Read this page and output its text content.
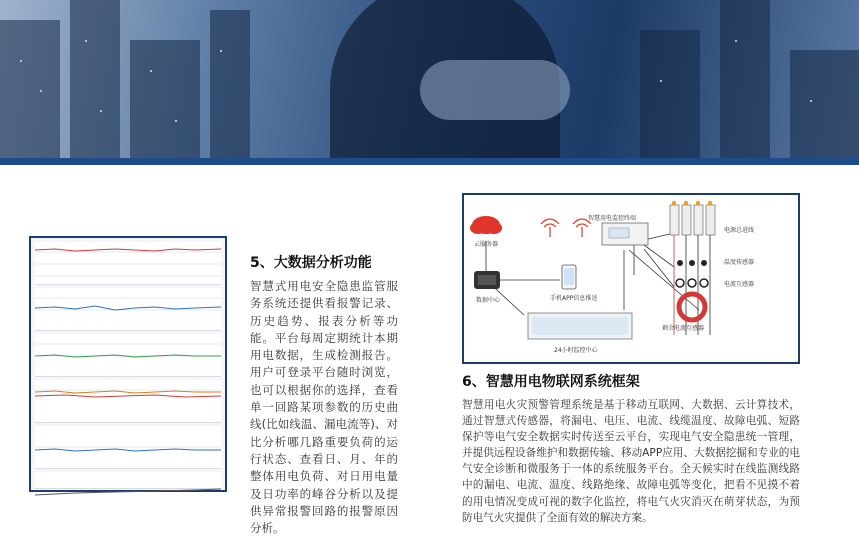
5、大数据分析功能

智慧式用电安全隐患监管服务系统还提供看报警记录、历史趋势、报表分析等功能。平台每周定期统计本期用电数据，生成检测报告。用户可登录平台随时浏览，也可以根据你的选择，查看单一回路某项参数的历史曲线(比如线温、漏电流等)、对比分析哪几路重要负荷的运行状态、查看日、月、年的整体用电负荷、对日用电量及日功率的峰谷分析以及提供异常报警回路的报警原因分析。

智慧用电监控终端
云服务器
电源总进线
温度传感器
电流互感器
手机APP信息推送
数据中心
剩余电流互感器
24小时监控中心
6、智慧用电物联网系统框架

智慧用电火灾预警管理系统是基于移动互联网、大数据、云计算技术，通过智慧式传感器，将漏电、电压、电流、线缆温度、故障电弧、短路保护等电气安全数据实时传送至云平台，实现电气安全隐患统一管理，并提供远程设备维护和数据传输、移动APP应用、大数据挖掘和专业的电气安全诊断和微服务于一体的系统服务平台。全天候实时在线监测线路中的漏电、电流、温度、线路绝缘、故障电弧等变化，把看不见摸不着的用电情况变成可视的数字化监控，将电气火灾消灭在萌芽状态，为预防电气火灾提供了全面有效的解决方案。
